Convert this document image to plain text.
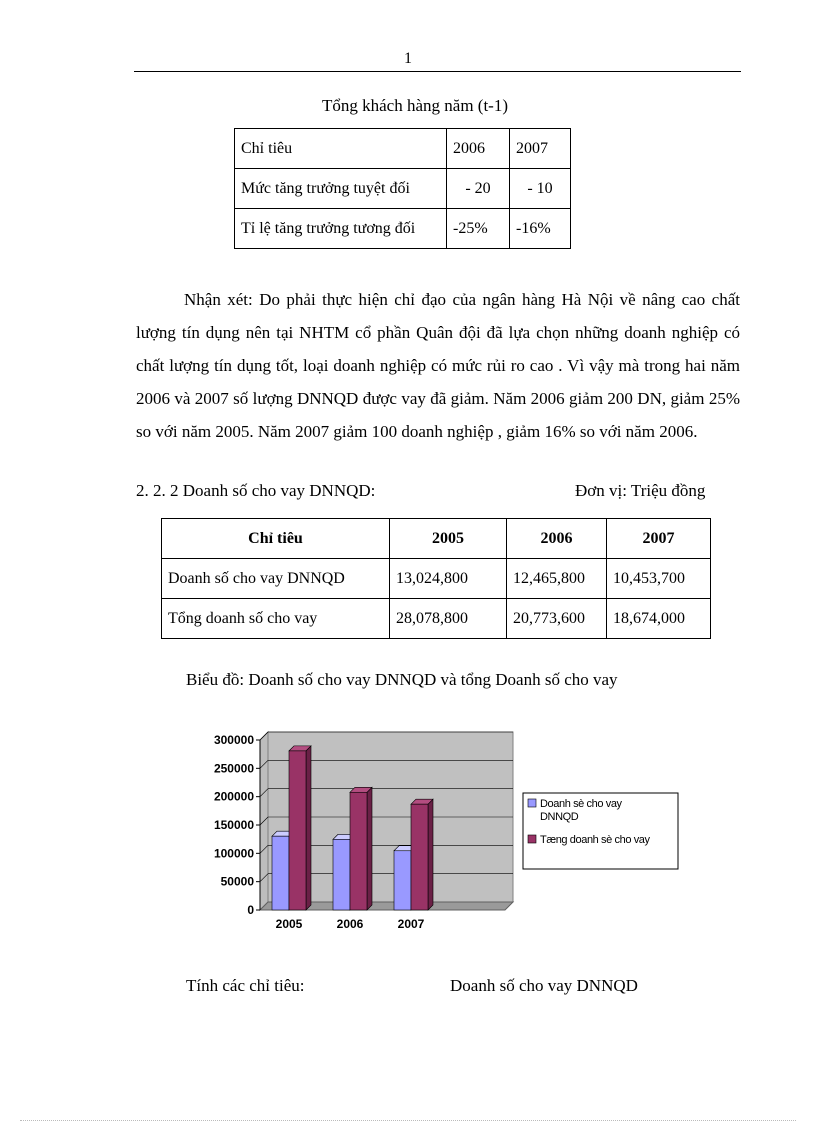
1
Tổng khách hàng năm (t-1)
Chỉ tiêu	2006	2007
Mức tăng trưởng tuyệt đối	- 20	- 10
Tỉ lệ tăng trưởng tương đối	-25%	-16%

Nhận xét: Do phải thực hiện chỉ đạo của ngân hàng Hà Nội về nâng cao chất lượng tín dụng nên tại NHTM cổ phần Quân đội đã lựa chọn những doanh nghiệp có chất lượng tín dụng tốt, loại doanh nghiệp có mức rủi ro cao . Vì vậy mà trong hai năm 2006 và 2007 số lượng DNNQD được vay đã giảm. Năm 2006 giảm 200 DN, giảm 25% so với năm 2005. Năm 2007 giảm 100 doanh nghiệp , giảm 16% so với năm 2006.

2. 2. 2 Doanh số cho vay DNNQD:	Đơn vị: Triệu đồng
Chỉ tiêu	2005	2006	2007
Doanh số cho vay DNNQD	13,024,800	12,465,800	10,453,700
Tổng doanh số cho vay	28,078,800	20,773,600	18,674,000
Biểu đồ: Doanh số cho vay DNNQD và tổng Doanh số cho vay
0
50000
100000
150000
200000
250000
300000
2005	2006	2007
Doanh sè cho vay DNNQD
Tæng doanh sè cho vay
Tính các chỉ tiêu:	Doanh số cho vay DNNQD
